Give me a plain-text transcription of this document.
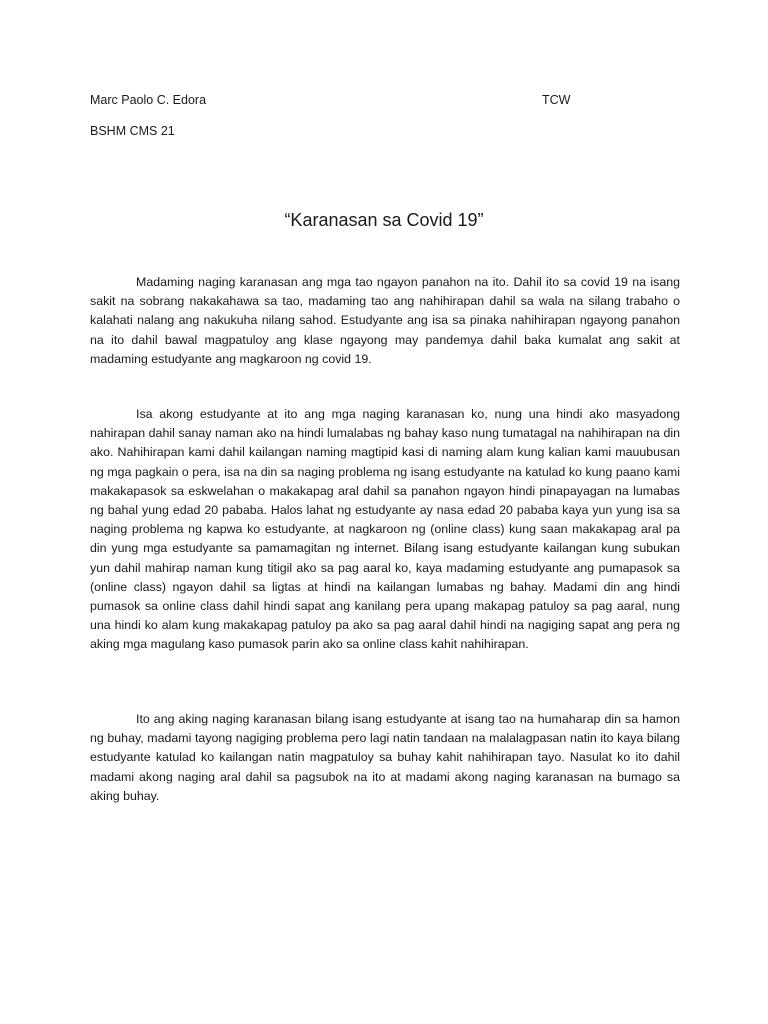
Marc Paolo C. Edora	TCW
BSHM CMS 21
“Karanasan sa Covid 19”

Madaming naging karanasan ang mga tao ngayon panahon na ito. Dahil ito sa covid 19 na isang sakit na sobrang nakakahawa sa tao, madaming tao ang nahihirapan dahil sa wala na silang trabaho o kalahati nalang ang nakukuha nilang sahod. Estudyante ang isa sa pinaka nahihirapan ngayong panahon na ito dahil bawal magpatuloy ang klase ngayong may pandemya dahil baka kumalat ang sakit at madaming estudyante ang magkaroon ng covid 19.

Isa akong estudyante at ito ang mga naging karanasan ko, nung una hindi ako masyadong nahirapan dahil sanay naman ako na hindi lumalabas ng bahay kaso nung tumatagal na nahihirapan na din ako. Nahihirapan kami dahil kailangan naming magtipid kasi di naming alam kung kalian kami mauubusan ng mga pagkain o pera, isa na din sa naging problema ng isang estudyante na katulad ko kung paano kami makakapasok sa eskwelahan o makakapag aral dahil sa panahon ngayon hindi pinapayagan na lumabas ng bahal yung edad 20 pababa. Halos lahat ng estudyante ay nasa edad 20 pababa kaya yun yung isa sa naging problema ng kapwa ko estudyante, at nagkaroon ng (online class) kung saan makakapag aral pa din yung mga estudyante sa pamamagitan ng internet. Bilang isang estudyante kailangan kung subukan yun dahil mahirap naman kung titigil ako sa pag aaral ko, kaya madaming estudyante ang pumapasok sa (online class) ngayon dahil sa ligtas at hindi na kailangan lumabas ng bahay. Madami din ang hindi pumasok sa online class dahil hindi sapat ang kanilang pera upang makapag patuloy sa pag aaral, nung una hindi ko alam kung makakapag patuloy pa ako sa pag aaral dahil hindi na nagiging sapat ang pera ng aking mga magulang kaso pumasok parin ako sa online class kahit nahihirapan.

Ito ang aking naging karanasan bilang isang estudyante at isang tao na humaharap din sa hamon ng buhay, madami tayong nagiging problema pero lagi natin tandaan na malalagpasan natin ito kaya bilang estudyante katulad ko kailangan natin magpatuloy sa buhay kahit nahihirapan tayo. Nasulat ko ito dahil madami akong naging aral dahil sa pagsubok na ito at madami akong naging karanasan na bumago sa aking buhay.
